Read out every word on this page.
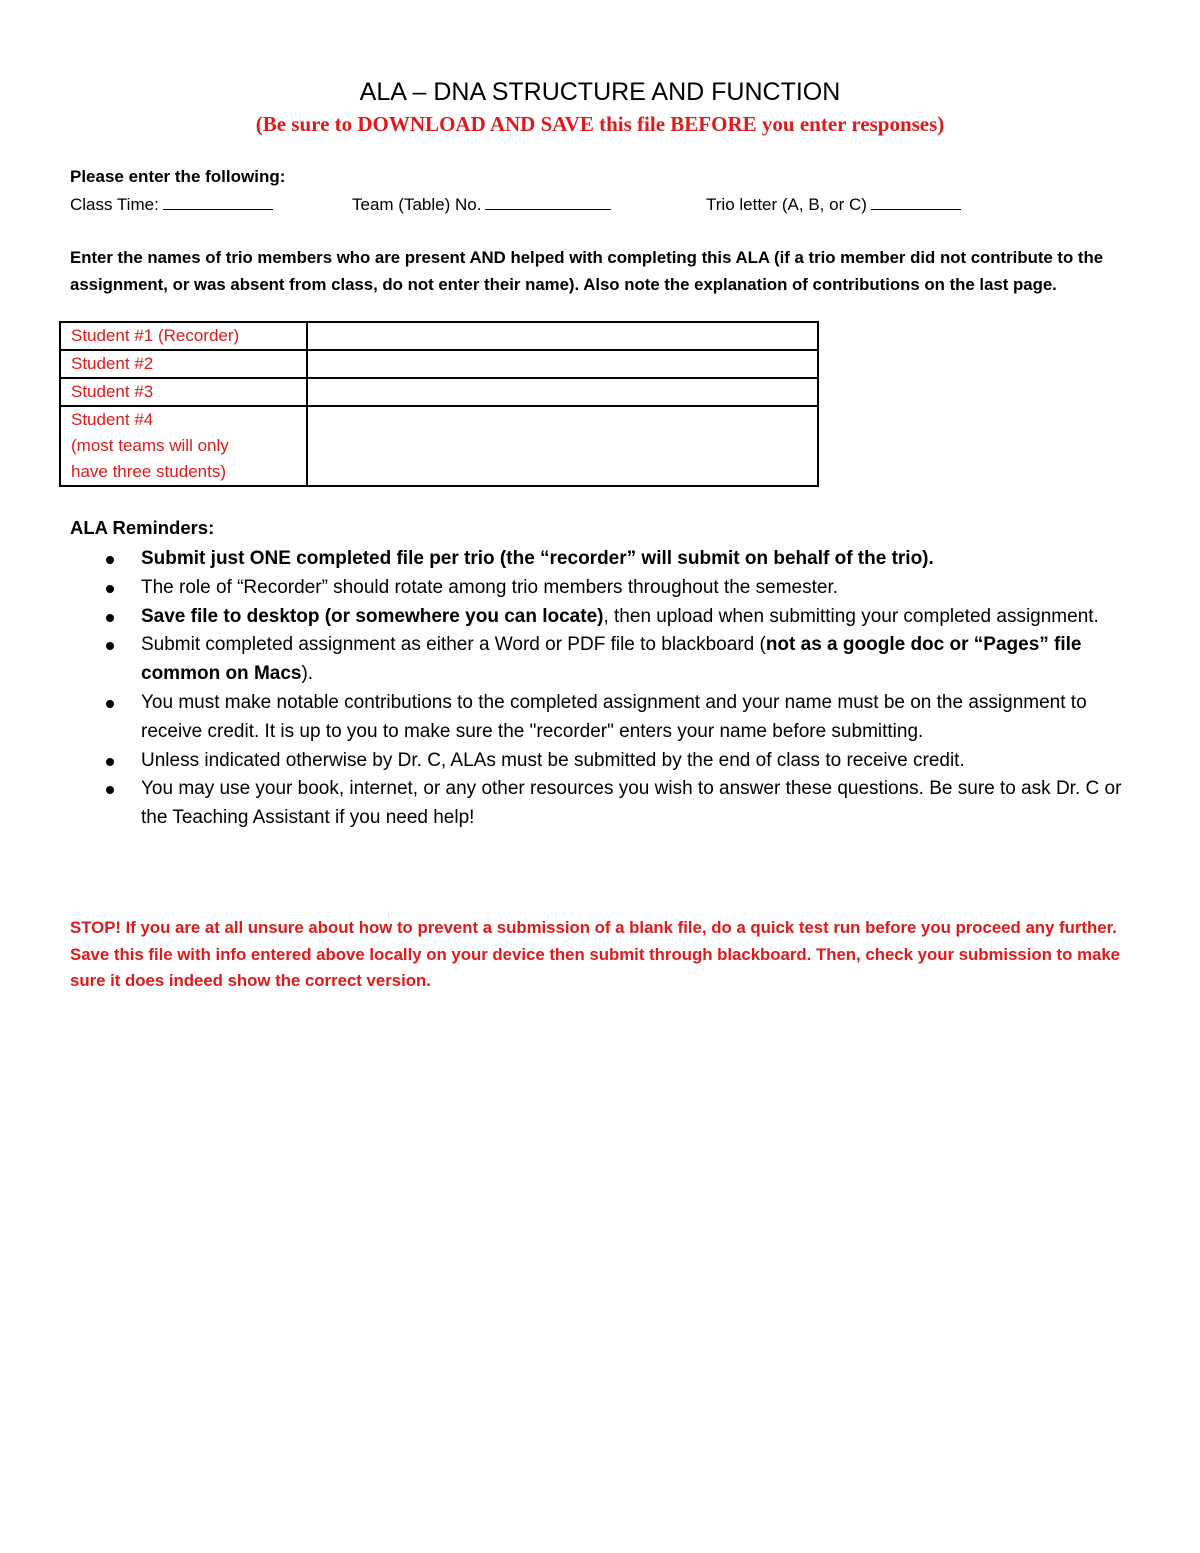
ALA – DNA STRUCTURE AND FUNCTION
(Be sure to DOWNLOAD AND SAVE this file BEFORE you enter responses)
Please enter the following:
Class Time:	Team (Table) No.	Trio letter (A, B, or C)

Enter the names of trio members who are present AND helped with completing this ALA (if a trio member did not contribute to the assignment, or was absent from class, do not enter their name). Also note the explanation of contributions on the last page.

Student #1 (Recorder)	
Student #2	
Student #3	

Student #4
(most teams will only
have three students)	

ALA Reminders:
Submit just ONE completed file per trio (the “recorder” will submit on behalf of the trio).
The role of “Recorder” should rotate among trio members throughout the semester.
Save file to desktop (or somewhere you can locate), then upload when submitting your completed assignment.
Submit completed assignment as either a Word or PDF file to blackboard (not as a google doc or “Pages” file common on Macs).
You must make notable contributions to the completed assignment and your name must be on the assignment to receive credit. It is up to you to make sure the "recorder" enters your name before submitting.
Unless indicated otherwise by Dr. C, ALAs must be submitted by the end of class to receive credit.
You may use your book, internet, or any other resources you wish to answer these questions. Be sure to ask Dr. C or the Teaching Assistant if you need help!

STOP! If you are at all unsure about how to prevent a submission of a blank file, do a quick test run before you proceed any further. Save this file with info entered above locally on your device then submit through blackboard. Then, check your submission to make sure it does indeed show the correct version.
